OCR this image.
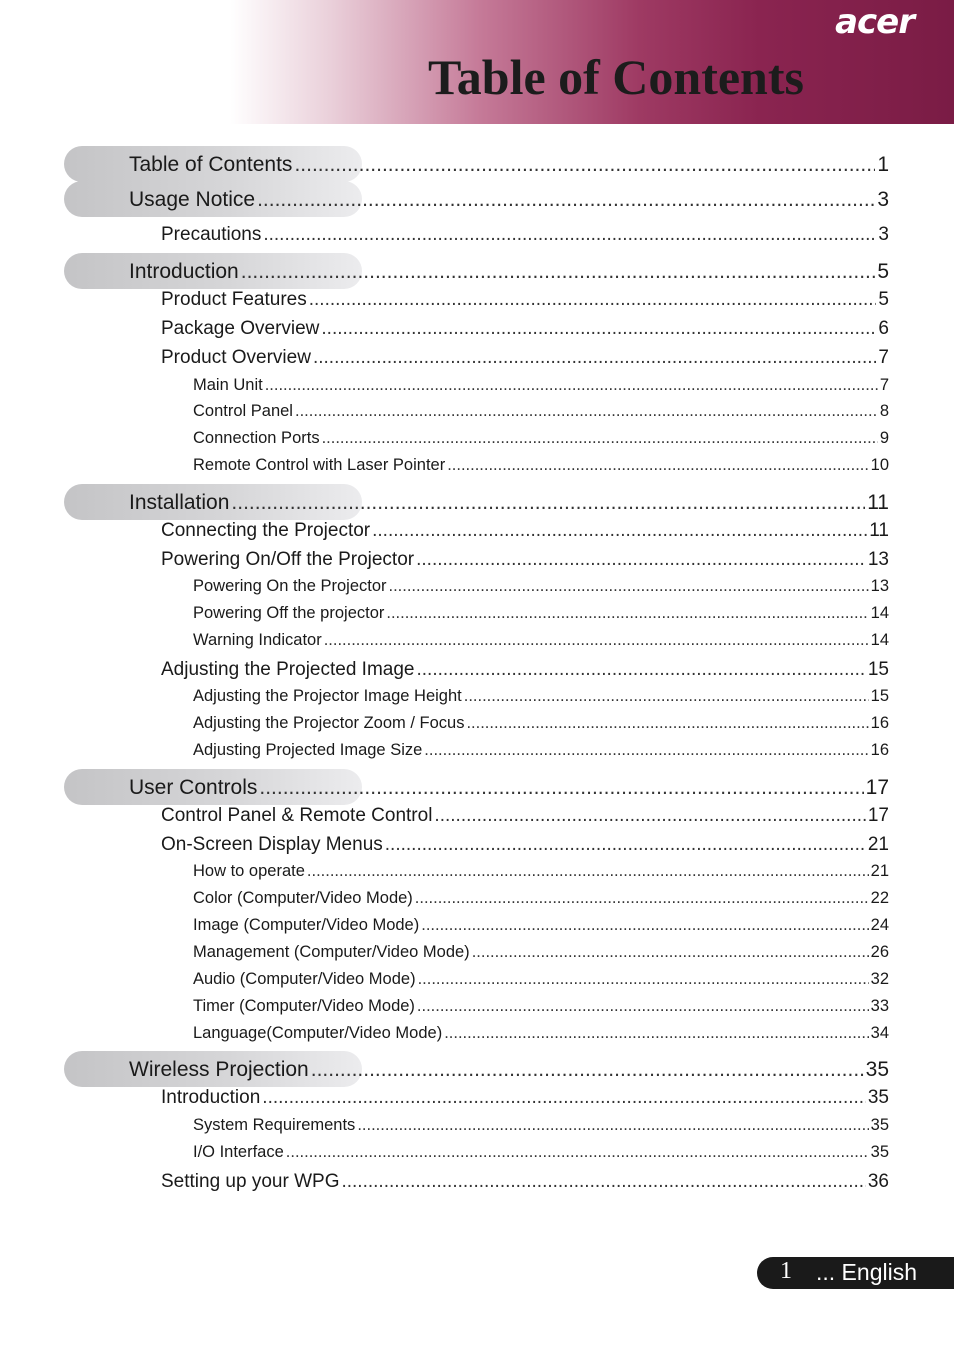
acer
Table of Contents
Table of Contents .....	1
Usage Notice .....	3
Precautions .....	3
Introduction .....	5
Product Features .....	5
Package Overview .....	6
Product Overview .....	7
Main Unit .....	7
Control Panel .....	8
Connection Ports .....	9
Remote Control with Laser Pointer .....	10
Installation .....	11
Connecting the Projector .....	11
Powering On/Off the Projector .....	13
Powering On the Projector .....	13
Powering Off the projector .....	14
Warning Indicator .....	14
Adjusting the Projected Image .....	15
Adjusting the Projector Image Height .....	15
Adjusting the Projector Zoom / Focus .....	16
Adjusting Projected Image Size .....	16
User Controls .....	17
Control Panel & Remote Control .....	17
On-Screen Display Menus .....	21
How to operate .....	21
Color (Computer/Video Mode) .....	22
Image (Computer/Video Mode) .....	24
Management (Computer/Video Mode) .....	26
Audio (Computer/Video Mode) .....	32
Timer (Computer/Video Mode) .....	33
Language(Computer/Video Mode) .....	34
Wireless Projection .....	35
Introduction .....	35
System Requirements .....	35
I/O Interface .....	35
Setting up your WPG .....	36
1 ... English
